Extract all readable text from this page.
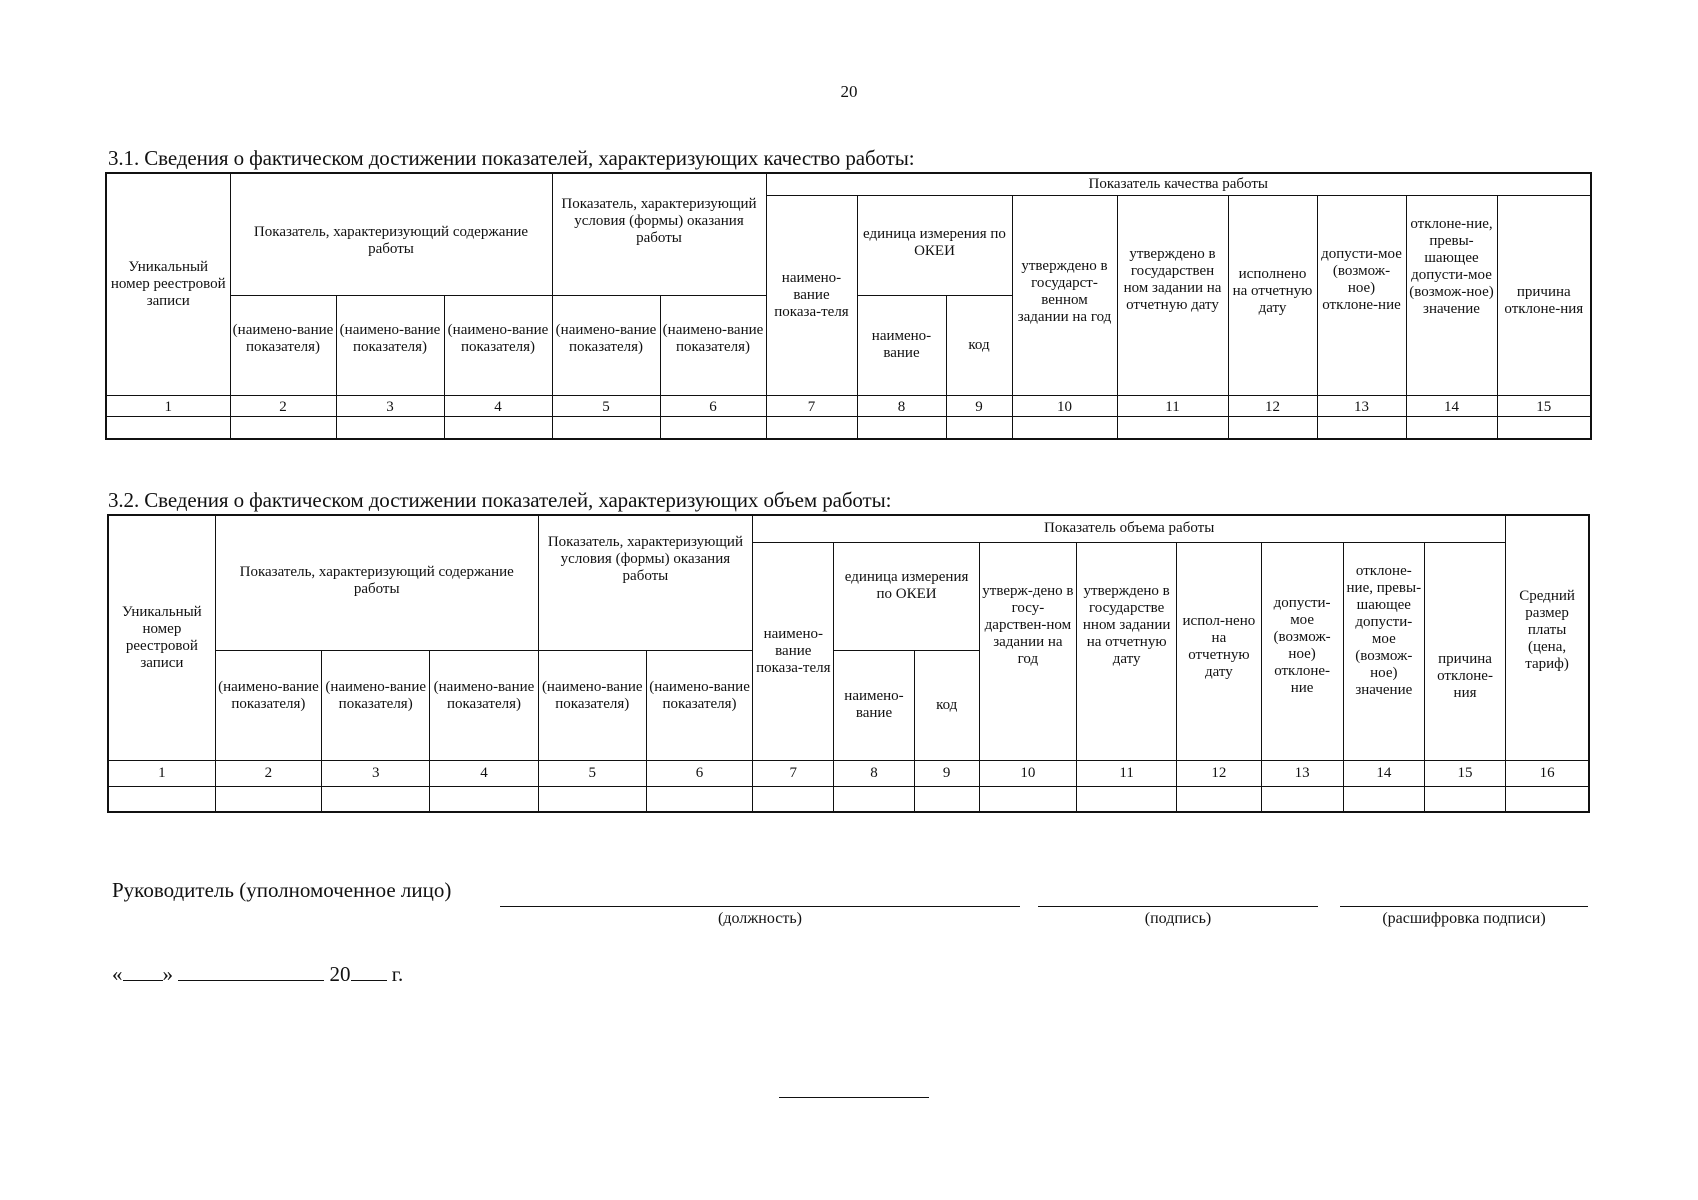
20
3.1. Сведения о фактическом достижении показателей, характеризующих качество работы:
Уникальный номер реестровой записи	Показатель, характеризующий содержание работы			Показатель, характеризующий условия (формы) оказания работы		Показатель качества работы								
						наимено-вание показа-теля	единица измерения по ОКЕИ		утверждено в государст-венном задании на год	утверждено в государствен ном задании на отчетную дату	исполнено на отчетную дату	допусти-мое (возмож-ное) отклоне-ние	отклоне-ние, превы-шающее допусти-мое (возмож-ное) значение	причина отклоне-ния
	(наимено-вание показателя)	(наимено-вание показателя)	(наимено-вание показателя)	(наимено-вание показателя)	(наимено-вание показателя)		наимено-вание	код						
1	2	3	4	5	6	7	8	9	10	11	12	13	14	15

3.2. Сведения о фактическом достижении показателей, характеризующих объем работы:
Уникальный номер реестровой записи	Показатель, характеризующий содержание работы			Показатель, характеризующий условия (формы) оказания работы		Показатель объема работы									Средний размер платы (цена, тариф)
						наимено-вание показа-теля	единица измерения по ОКЕИ		утверж-дено в госу-дарствен-ном задании на год	утверждено в государстве нном задании на отчетную дату	испол-нено на отчетную дату	допусти-мое (возмож-ное) отклоне-ние	отклоне-ние, превы-шающее допусти-мое (возмож-ное) значение	причина отклоне-ния	
	(наимено-вание показателя)	(наимено-вание показателя)	(наимено-вание показателя)	(наимено-вание показателя)	(наимено-вание показателя)		наимено-вание	код							
1	2	3	4	5	6	7	8	9	10	11	12	13	14	15	16

Руководитель (уполномоченное лицо)
(должность)	(подпись)	(расшифровка подписи)
« »	20 г.
